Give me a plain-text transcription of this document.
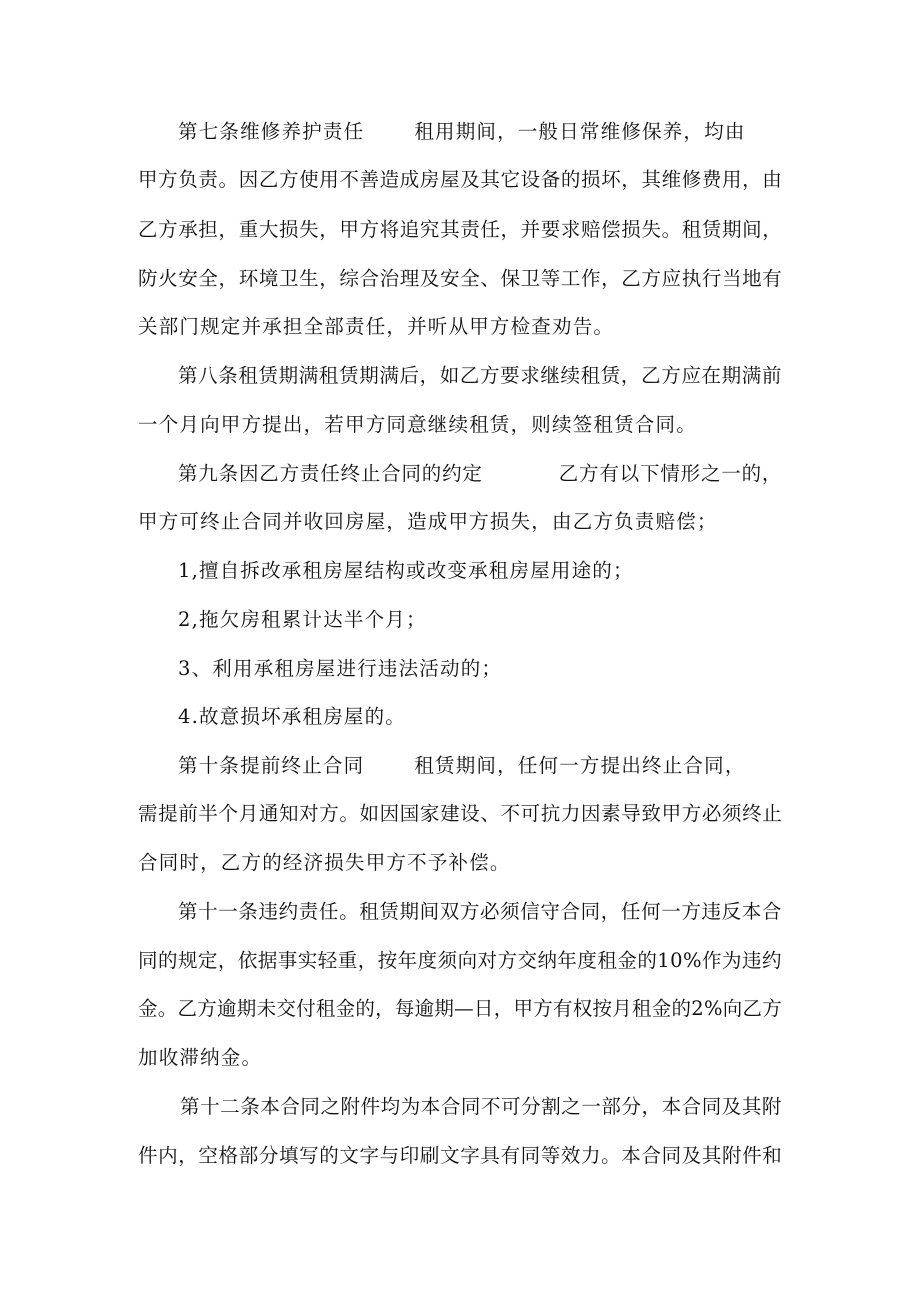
第七条维修养护责任	租用期间，一般日常维修保养，均由
甲方负责。因乙方使用不善造成房屋及其它设备的损坏，其维修费用，由
乙方承担，重大损失，甲方将追究其责任，并要求赔偿损失。租赁期间，
防火安全，环境卫生，综合治理及安全、保卫等工作，乙方应执行当地有
关部门规定并承担全部责任，并听从甲方检查劝告。
第八条租赁期满租赁期满后，如乙方要求继续租赁，乙方应在期满前
一个月向甲方提出，若甲方同意继续租赁，则续签租赁合同。
第九条因乙方责任终止合同的约定	乙方有以下情形之一的，
甲方可终止合同并收回房屋，造成甲方损失，由乙方负责赔偿；
1,擅自拆改承租房屋结构或改变承租房屋用途的；
2,拖欠房租累计达半个月；
3、利用承租房屋进行违法活动的；
4.故意损坏承租房屋的。
第十条提前终止合同	租赁期间，任何一方提出终止合同，
需提前半个月通知对方。如因国家建设、不可抗力因素导致甲方必须终止
合同时，乙方的经济损失甲方不予补偿。
第十一条违约责任。租赁期间双方必须信守合同，任何一方违反本合
同的规定，依据事实轻重，按年度须向对方交纳年度租金的10%作为违约
金。乙方逾期未交付租金的，每逾期—日，甲方有权按月租金的2%向乙方
加收滞纳金。
第十二条本合同之附件均为本合同不可分割之一部分，本合同及其附
件内，空格部分填写的文字与印刷文字具有同等效力。本合同及其附件和
